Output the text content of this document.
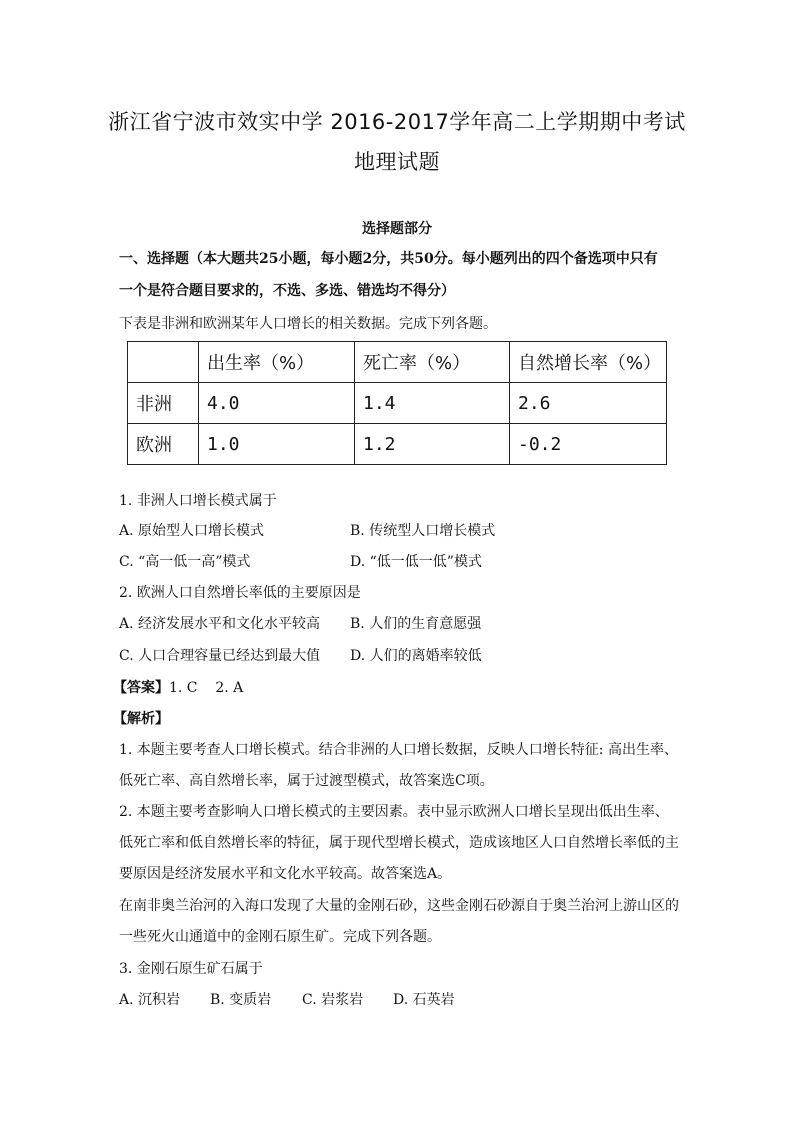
浙江省宁波市效实中学 2016-2017学年高二上学期期中考试
地理试题
选择题部分
一、选择题（本大题共25小题，每小题2分，共50分。每小题列出的四个备选项中只有
一个是符合题目要求的，不选、多选、错选均不得分）
下表是非洲和欧洲某年人口增长的相关数据。完成下列各题。
	出生率（%）	死亡率（%）	自然增长率（%）
非洲	4.0	1.4	2.6
欧洲	1.0	1.2	-0.2
1. 非洲人口增长模式属于
A. 原始型人口增长模式	B. 传统型人口增长模式
C. “高一低一高”模式	D. “低一低一低”模式
2. 欧洲人口自然增长率低的主要原因是
A. 经济发展水平和文化水平较高 B. 人们的生育意愿强
C. 人口合理容量已经达到最大值 D. 人们的离婚率较低
【答案】1. C    2. A
【解析】
1. 本题主要考查人口增长模式。结合非洲的人口增长数据，反映人口增长特征: 高出生率、
低死亡率、高自然增长率，属于过渡型模式，故答案选C项。
2. 本题主要考查影响人口增长模式的主要因素。表中显示欧洲人口增长呈现出低出生率、
低死亡率和低自然增长率的特征，属于现代型增长模式，造成该地区人口自然增长率低的主
要原因是经济发展水平和文化水平较高。故答案选A。
在南非奥兰治河的入海口发现了大量的金刚石砂，这些金刚石砂源自于奥兰治河上游山区的
一些死火山通道中的金刚石原生矿。完成下列各题。
3. 金刚石原生矿石属于
A. 沉积岩 B. 变质岩 C. 岩浆岩 D. 石英岩
